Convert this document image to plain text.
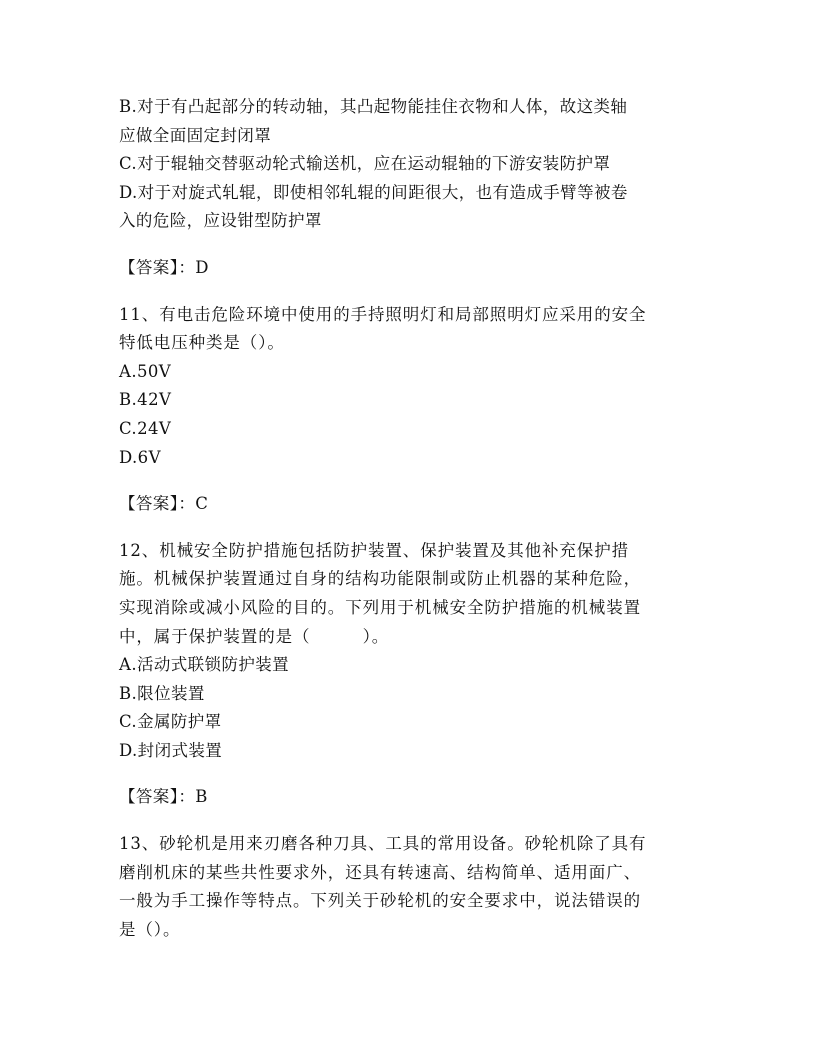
B.对于有凸起部分的转动轴，其凸起物能挂住衣物和人体，故这类轴
应做全面固定封闭罩
C.对于辊轴交替驱动轮式输送机，应在运动辊轴的下游安装防护罩
D.对于对旋式轧辊，即使相邻轧辊的间距很大，也有造成手臂等被卷
入的危险，应设钳型防护罩
【答案】：D
11、有电击危险环境中使用的手持照明灯和局部照明灯应采用的安全
特低电压种类是（）。
A.50V
B.42V
C.24V
D.6V
【答案】：C
12、机械安全防护措施包括防护装置、保护装置及其他补充保护措
施。机械保护装置通过自身的结构功能限制或防止机器的某种危险，
实现消除或减小风险的目的。下列用于机械安全防护措施的机械装置
中，属于保护装置的是（　　　）。
A.活动式联锁防护装置
B.限位装置
C.金属防护罩
D.封闭式装置
【答案】：B
13、砂轮机是用来刃磨各种刀具、工具的常用设备。砂轮机除了具有
磨削机床的某些共性要求外，还具有转速高、结构简单、适用面广、
一般为手工操作等特点。下列关于砂轮机的安全要求中，说法错误的
是（）。
